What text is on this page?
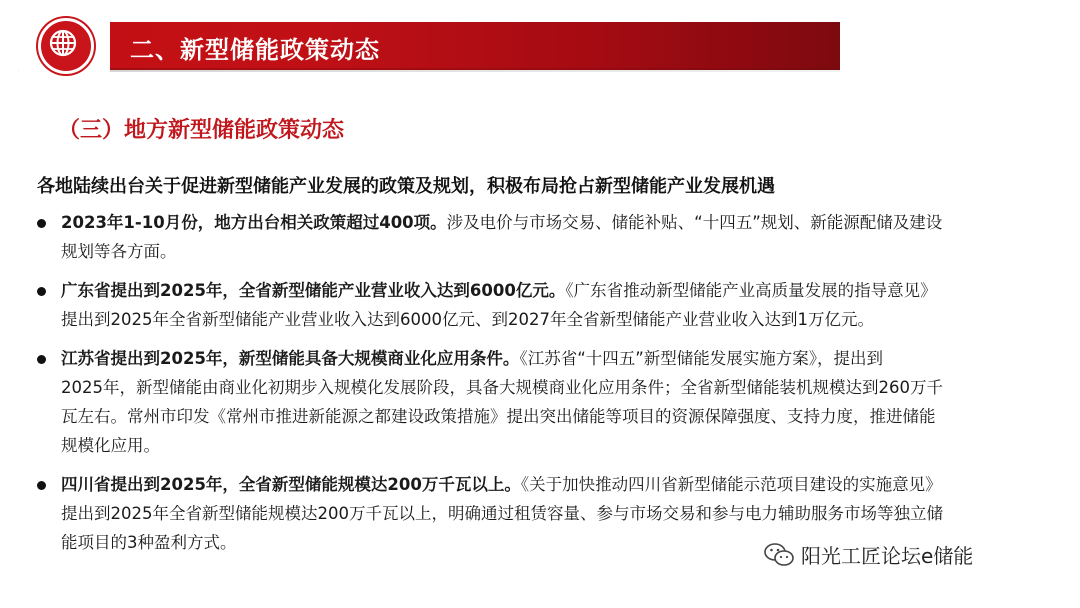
二、新型储能政策动态
（三）地方新型储能政策动态
各地陆续出台关于促进新型储能产业发展的政策及规划，积极布局抢占新型储能产业发展机遇
2023年1-10月份，地方出台相关政策超过400项。涉及电价与市场交易、储能补贴、“十四五”规划、新能源配储及建设
规划等各方面。
广东省提出到2025年，全省新型储能产业营业收入达到6000亿元。《广东省推动新型储能产业高质量发展的指导意见》
提出到2025年全省新型储能产业营业收入达到6000亿元、到2027年全省新型储能产业营业收入达到1万亿元。
江苏省提出到2025年，新型储能具备大规模商业化应用条件。《江苏省“十四五”新型储能发展实施方案》，提出到
2025年，新型储能由商业化初期步入规模化发展阶段，具备大规模商业化应用条件；全省新型储能装机规模达到260万千
瓦左右。常州市印发《常州市推进新能源之都建设政策措施》提出突出储能等项目的资源保障强度、支持力度，推进储能
规模化应用。
四川省提出到2025年，全省新型储能规模达200万千瓦以上。《关于加快推动四川省新型储能示范项目建设的实施意见》
提出到2025年全省新型储能规模达200万千瓦以上，明确通过租赁容量、参与市场交易和参与电力辅助服务市场等独立储
能项目的3种盈利方式。
阳光工匠论坛e储能
